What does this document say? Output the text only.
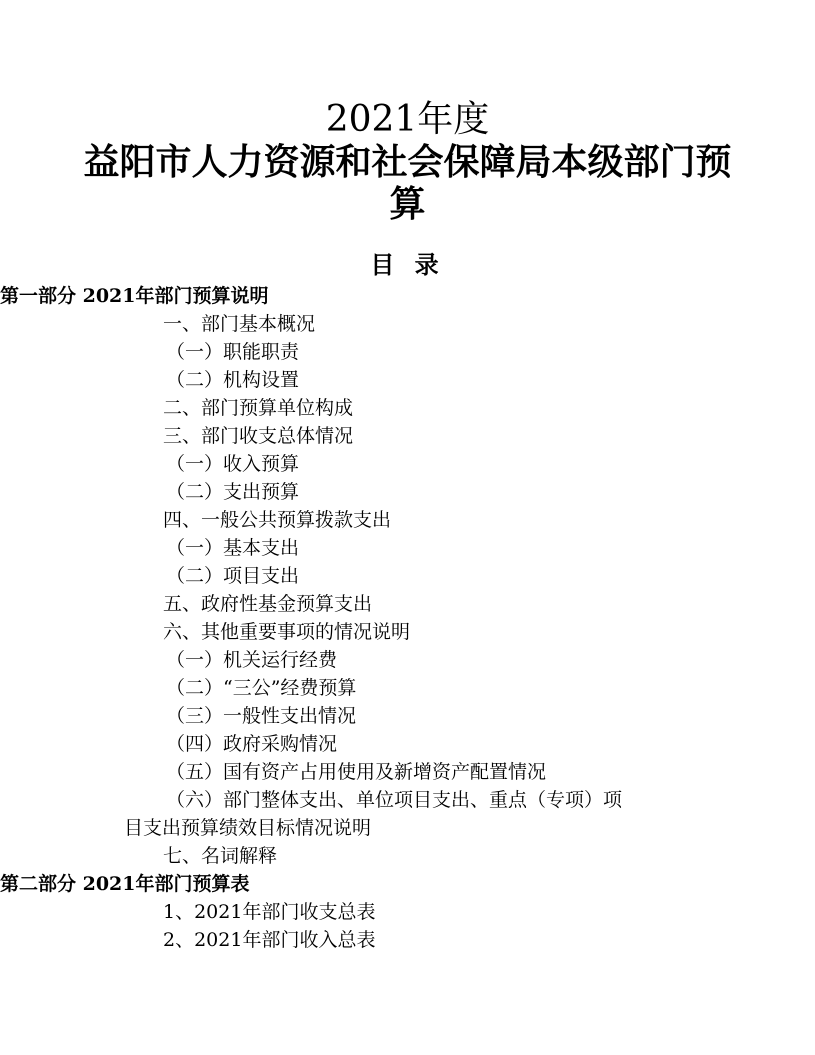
2021年度
益阳市人力资源和社会保障局本级部门预
算
目 录
第一部分 2021年部门预算说明
一、部门基本概况
（一）职能职责
（二）机构设置
二、部门预算单位构成
三、部门收支总体情况
（一）收入预算
（二）支出预算
四、一般公共预算拨款支出
（一）基本支出
（二）项目支出
五、政府性基金预算支出
六、其他重要事项的情况说明
（一）机关运行经费
（二）“三公”经费预算
（三）一般性支出情况
（四）政府采购情况
（五）国有资产占用使用及新增资产配置情况
（六）部门整体支出、单位项目支出、重点（专项）项
目支出预算绩效目标情况说明
七、名词解释
第二部分 2021年部门预算表
1、2021年部门收支总表
2、2021年部门收入总表
